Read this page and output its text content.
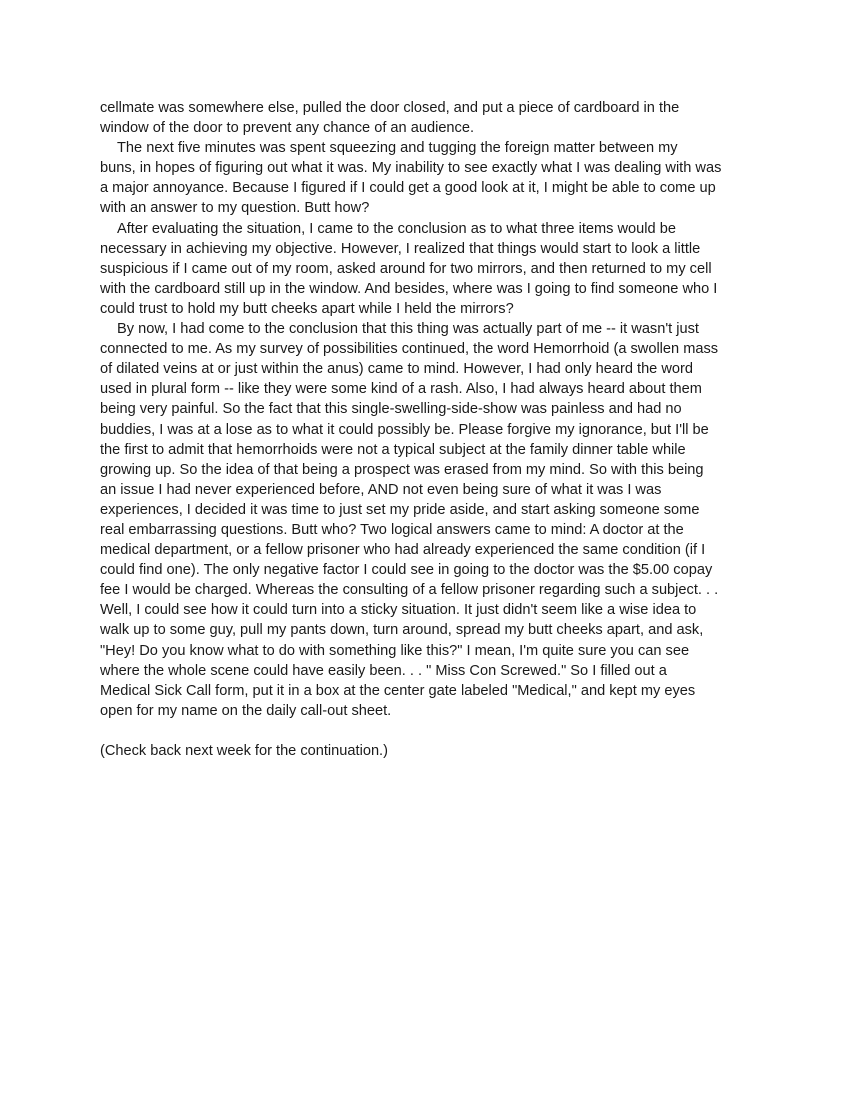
cellmate was somewhere else, pulled the door closed, and put a piece of cardboard in the
window of the door to prevent any chance of an audience.

The next five minutes was spent squeezing and tugging the foreign matter between my
buns, in hopes of figuring out what it was. My inability to see exactly what I was dealing with was
a major annoyance. Because I figured if I could get a good look at it, I might be able to come up
with an answer to my question. Butt how?

After evaluating the situation, I came to the conclusion as to what three items would be
necessary in achieving my objective. However, I realized that things would start to look a little
suspicious if I came out of my room, asked around for two mirrors, and then returned to my cell
with the cardboard still up in the window. And besides, where was I going to find someone who I
could trust to hold my butt cheeks apart while I held the mirrors?

By now, I had come to the conclusion that this thing was actually part of me -- it wasn't just
connected to me. As my survey of possibilities continued, the word Hemorrhoid (a swollen mass
of dilated veins at or just within the anus) came to mind. However, I had only heard the word
used in plural form -- like they were some kind of a rash. Also, I had always heard about them
being very painful. So the fact that this single-swelling-side-show was painless and had no
buddies, I was at a lose as to what it could possibly be. Please forgive my ignorance, but I'll be
the first to admit that hemorrhoids were not a typical subject at the family dinner table while
growing up. So the idea of that being a prospect was erased from my mind. So with this being
an issue I had never experienced before, AND not even being sure of what it was I was
experiences, I decided it was time to just set my pride aside, and start asking someone some
real embarrassing questions. Butt who? Two logical answers came to mind: A doctor at the
medical department, or a fellow prisoner who had already experienced the same condition (if I
could find one). The only negative factor I could see in going to the doctor was the $5.00 copay
fee I would be charged. Whereas the consulting of a fellow prisoner regarding such a subject. . .
Well, I could see how it could turn into a sticky situation. It just didn't seem like a wise idea to
walk up to some guy, pull my pants down, turn around, spread my butt cheeks apart, and ask,
"Hey! Do you know what to do with something like this?" I mean, I'm quite sure you can see
where the whole scene could have easily been. . . " Miss Con Screwed." So I filled out a
Medical Sick Call form, put it in a box at the center gate labeled "Medical," and kept my eyes
open for my name on the daily call-out sheet.

(Check back next week for the continuation.)
